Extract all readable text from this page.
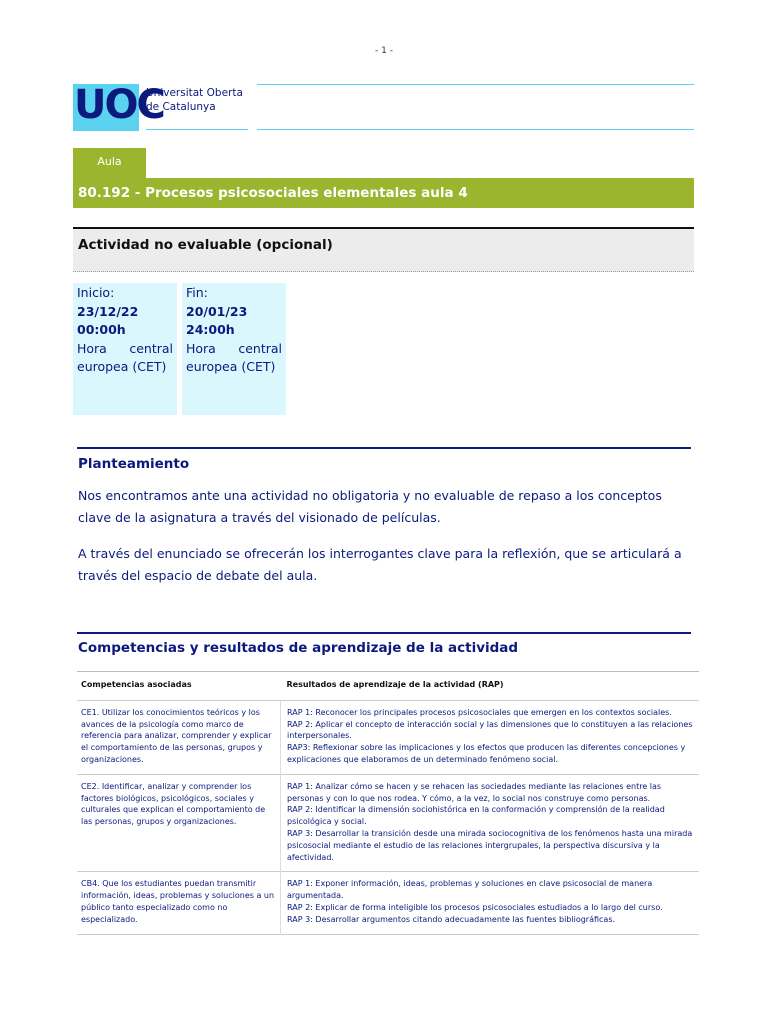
- 1 -
UOC
Universitat Oberta
de Catalunya
Aula
80.192 - Procesos psicosociales elementales aula 4
Actividad no evaluable (opcional)
Inicio:
23/12/22
00:00h
Hora central europea (CET)
Fin:
20/01/23
24:00h
Hora central europea (CET)
Planteamiento
Nos encontramos ante una actividad no obligatoria y no evaluable de repaso a los conceptos clave de la asignatura a través del visionado de películas.
A través del enunciado se ofrecerán los interrogantes clave para la reflexión, que se articulará a través del espacio de debate del aula.
Competencias y resultados de aprendizaje de la actividad
Competencias asociadas	Resultados de aprendizaje de la actividad (RAP)
CE1. Utilizar los conocimientos teóricos y los avances de la psicología como marco de referencia para analizar, comprender y explicar el comportamiento de las personas, grupos y organizaciones.	RAP 1: Reconocer los principales procesos psicosociales que emergen en los contextos sociales.
RAP 2: Aplicar el concepto de interacción social y las dimensiones que lo constituyen a las relaciones interpersonales.
RAP3: Reflexionar sobre las implicaciones y los efectos que producen las diferentes concepciones y explicaciones que elaboramos de un determinado fenómeno social.

CE2. Identificar, analizar y comprender los factores biológicos, psicológicos, sociales y culturales que explican el comportamiento de las personas, grupos y organizaciones.	RAP 1: Analizar cómo se hacen y se rehacen las sociedades mediante las relaciones entre las personas y con lo que nos rodea. Y cómo, a la vez, lo social nos construye como personas.
RAP 2: Identificar la dimensión sociohistórica en la conformación y comprensión de la realidad psicológica y social.
RAP 3: Desarrollar la transición desde una mirada sociocognitiva de los fenómenos hasta una mirada psicosocial mediante el estudio de las relaciones intergrupales, la perspectiva discursiva y la afectividad.

CB4. Que los estudiantes puedan transmitir información, ideas, problemas y soluciones a un público tanto especializado como no especializado.	RAP 1: Exponer información, ideas, problemas y soluciones en clave psicosocial de manera argumentada.
RAP 2: Explicar de forma inteligible los procesos psicosociales estudiados a lo largo del curso.
RAP 3: Desarrollar argumentos citando adecuadamente las fuentes bibliográficas.
